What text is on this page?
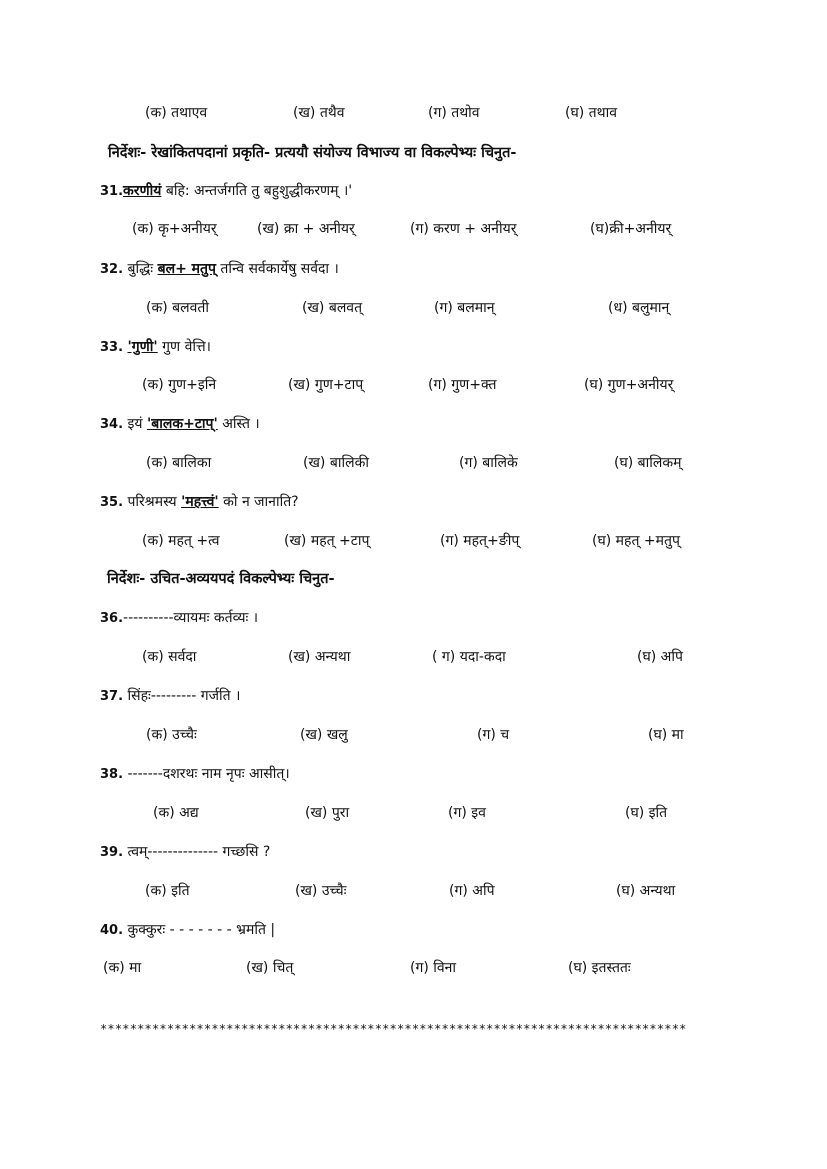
(क) तथाएव	(ख) तथैव	(ग) तथोव	(घ) तथाव
निर्देशः- रेखांकितपदानां प्रकृति- प्रत्ययौ संयोज्य विभाज्य वा विकल्पेभ्यः चिनुत-
31.करणीयं बहि: अन्तर्जगति तु बहुशुद्धीकरणम् ।'
(क) कृ+अनीयर्	(ख) क्रा + अनीयर्	(ग) करण + अनीयर्	(घ)क्री+अनीयर्
32. बुद्धिः बल+ मतुप् तन्वि सर्वकार्येषु सर्वदा ।
(क) बलवती	(ख) बलवत्	(ग) बलमान्	(ध) बलुमान्
33. 'गुणी' गुण वेत्ति।
(क) गुण+इनि	(ख) गुण+टाप्	(ग) गुण+क्त	(घ) गुण+अनीयर्
34. इयं 'बालक+टाप्' अस्ति ।
(क) बालिका	(ख) बालिकी	(ग) बालिके	(घ) बालिकम्
35. परिश्रमस्य 'महत्त्वं' को न जानाति?
(क) महत् +त्व	(ख) महत् +टाप्	(ग) महत्+ङीप्	(घ) महत् +मतुप्
निर्देशः- उचित-अव्ययपदं विकल्पेभ्यः चिनुत-
36.----------व्यायमः कर्तव्यः ।
(क) सर्वदा	(ख) अन्यथा	( ग) यदा-कदा	(घ) अपि
37. सिंहः--------- गर्जति ।
(क) उच्चैः	(ख) खलु	(ग) च	(घ) मा
38. -------दशरथः नाम नृपः आसीत्।
(क) अद्य	(ख) पुरा	(ग) इव	(घ) इति
39. त्वम्-------------- गच्छसि ?
(क) इति	(ख) उच्चैः	(ग) अपि	(घ) अन्यथा
40. कुक्कुरः - - - - - - - भ्रमति |
(क) मा	(ख) चित्	(ग) विना	(घ) इतस्ततः
*******************************************************************************
